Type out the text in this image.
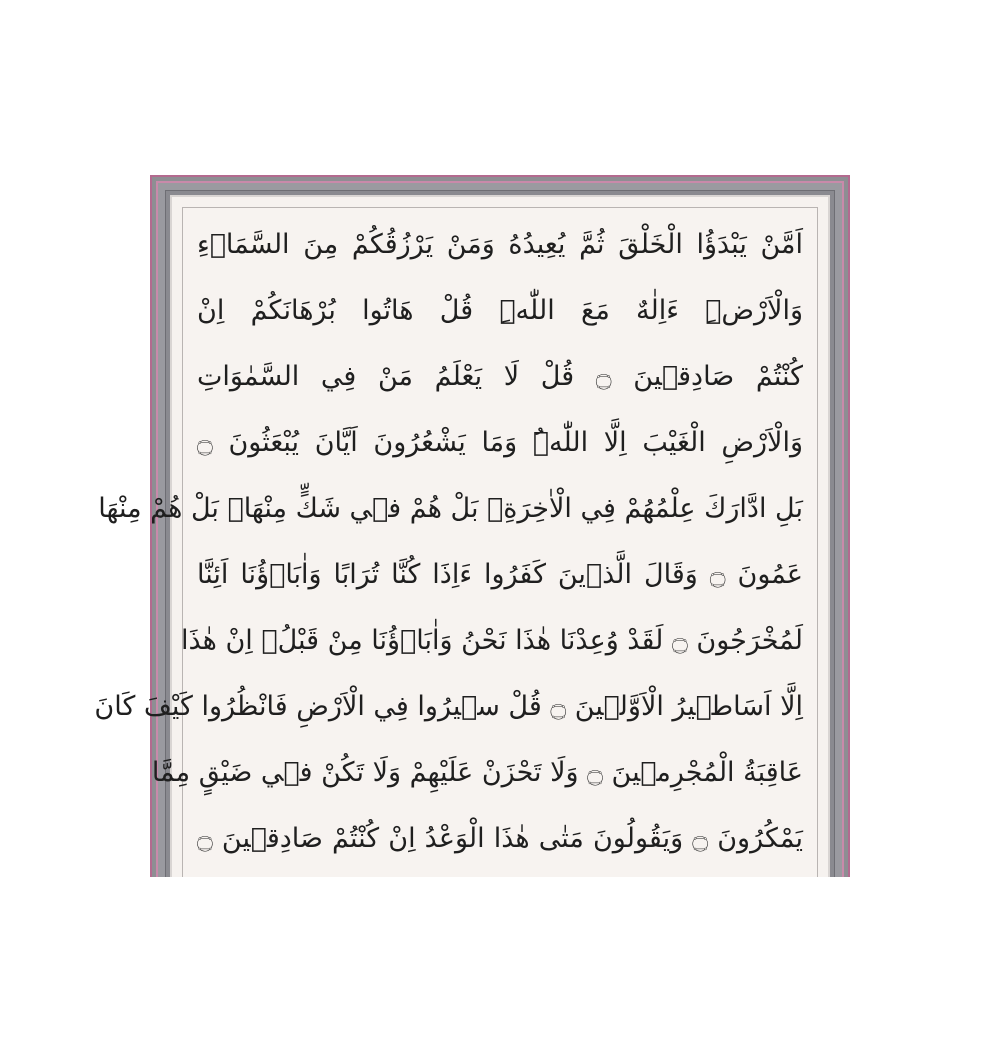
اَمَّنْ يَبْدَؤُا الْخَلْقَ ثُمَّ يُعِيدُهُ وَمَنْ يَرْزُقُكُمْ مِنَ السَّمَاۤءِ
وَالْاَرْضِۜ ءَاِلٰهٌ مَعَ اللّٰهِۜ قُلْ هَاتُوا بُرْهَانَكُمْ اِنْ
كُنْتُمْ صَادِق۪ينَ ۝ قُلْ لَا يَعْلَمُ مَنْ فِي السَّمٰوَاتِ
وَالْاَرْضِ الْغَيْبَ اِلَّا اللّٰهُۜ وَمَا يَشْعُرُونَ اَيَّانَ يُبْعَثُونَ ۝
بَلِ ادَّارَكَ عِلْمُهُمْ فِي الْاٰخِرَةِ۠ بَلْ هُمْ ف۪ي شَكٍّ مِنْهَا۠ بَلْ هُمْ مِنْهَا
عَمُونَ ۝ وَقَالَ الَّذ۪ينَ كَفَرُوا ءَاِذَا كُنَّا تُرَابًا وَاٰبَاۤؤُنَا اَئِنَّا
لَمُخْرَجُونَ ۝ لَقَدْ وُعِدْنَا هٰذَا نَحْنُ وَاٰبَاۤؤُنَا مِنْ قَبْلُۙ اِنْ هٰذَا
اِلَّا اَسَاط۪يرُ الْاَوَّل۪ينَ ۝ قُلْ س۪يرُوا فِي الْاَرْضِ فَانْظُرُوا كَيْفَ كَانَ
عَاقِبَةُ الْمُجْرِم۪ينَ ۝ وَلَا تَحْزَنْ عَلَيْهِمْ وَلَا تَكُنْ ف۪ي ضَيْقٍ مِمَّا
يَمْكُرُونَ ۝ وَيَقُولُونَ مَتٰى هٰذَا الْوَعْدُ اِنْ كُنْتُمْ صَادِق۪ينَ ۝
